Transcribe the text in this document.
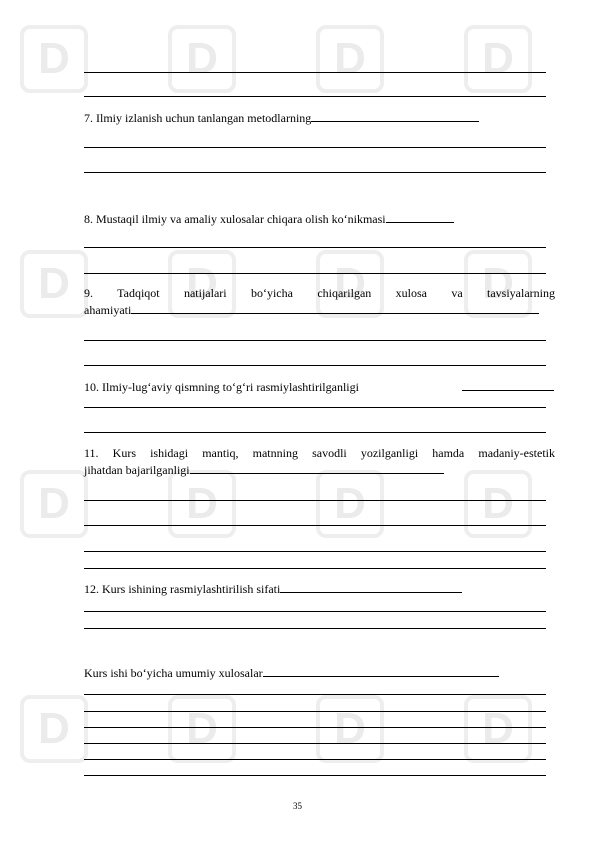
D	D	D	D
D	D	D	D
D	D	D	D
D	D	D	D
7. Ilmiy izlanish uchun tanlangan metodlarning
8. Mustaqil ilmiy va amaliy xulosalar chiqara olish ko‘nikmasi
9. Tadqiqot natijalari bo‘yicha chiqarilgan xulosa va tavsiyalarning
ahamiyati
10. Ilmiy-lug‘aviy qismning to‘g‘ri rasmiylashtirilganligi
11. Kurs ishidagi mantiq, matnning savodli yozilganligi hamda madaniy-estetik
jihatdan bajarilganligi
12. Kurs ishining rasmiylashtirilish sifati
Kurs ishi bo‘yicha umumiy xulosalar
35
